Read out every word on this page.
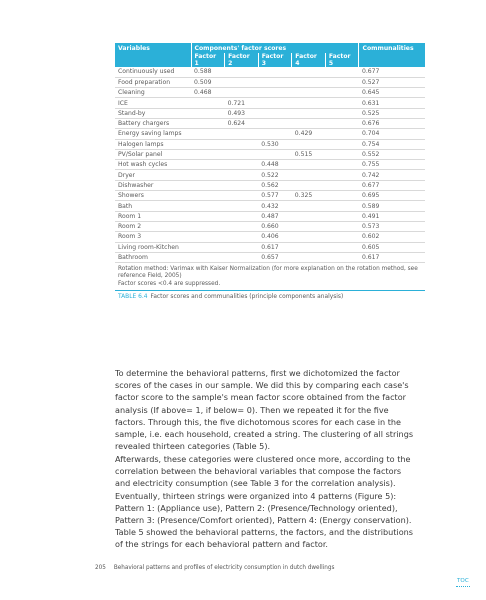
Variables	Components' factor scores					Communalities
	Factor 1	Factor 2	Factor 3	Factor 4	Factor 5	
Continuously used	0.588					0.677
Food preparation	0.509					0.527
Cleaning	0.468					0.645
ICE		0.721				0.631
Stand-by		0.493				0.525
Battery chargers		0.624				0.676
Energy saving lamps				0.429		0.704
Halogen lamps			0.530			0.754
PV/Solar panel				0.515		0.552
Hot wash cycles			0.448			0.755
Dryer			0.522			0.742
Dishwasher			0.562			0.677
Showers			0.577	0.325		0.695
Bath			0.432			0.589
Room 1			0.487			0.491
Room 2			0.660			0.573
Room 3			0.406			0.602
Living room-Kitchen			0.617			0.605
Bathroom			0.657			0.617
Rotation method: Varimax with Kaiser Normalization (for more explanation on the rotation method, see
reference Field, 2005)
Factor scores <0.4 are suppressed.
TABLE 6.4 Factor scores and communalities (principle components analysis)

To determine the behavioral patterns, first we dichotomized the factor scores of the cases in our sample. We did this by comparing each case's factor score to the sample's mean factor score obtained from the factor analysis (If above= 1, if below= 0). Then we repeated it for the five factors. Through this, the five dichotomous scores for each case in the sample, i.e. each household, created a string. The clustering of all strings revealed thirteen categories (Table 5).

Afterwards, these categories were clustered once more, according to the correlation between the behavioral variables that compose the factors and electricity consumption (see Table 3 for the correlation analysis). Eventually, thirteen strings were organized into 4 patterns (Figure 5): Pattern 1: (Appliance use), Pattern 2: (Presence/Technology oriented), Pattern 3: (Presence/Comfort oriented), Pattern 4: (Energy conservation). Table 5 showed the behavioral patterns, the factors, and the distributions of the strings for each behavioral pattern and factor.

205 Behavioral patterns and profiles of electricity consumption in dutch dwellings
TOC
